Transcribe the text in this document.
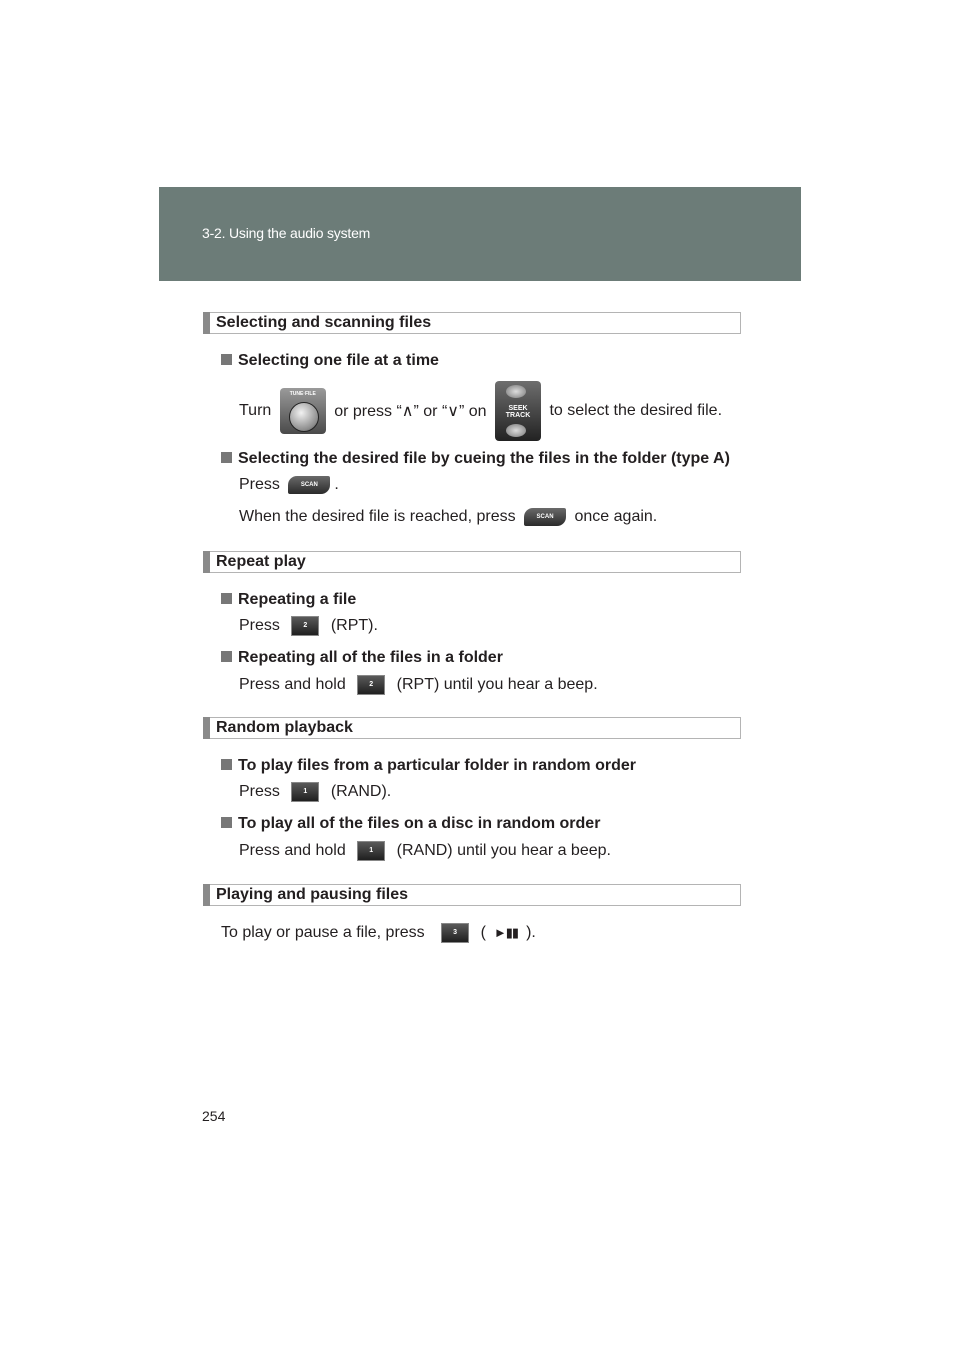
3-2. Using the audio system
Selecting and scanning files
Selecting one file at a time
Turn
TUNE·FILE
or press “∧” or “∨” on	SEEK
TRACK	to select the desired file.
Selecting the desired file by cueing the files in the folder (type A)
Press	SCAN .
When the desired file is reached, press	SCAN once again.
Repeat play
Repeating a file
Press	2 (RPT).
Repeating all of the files in a folder
Press and hold	2 (RPT) until you hear a beep.
Random playback
To play files from a particular folder in random order
Press	1 (RAND).
To play all of the files on a disc in random order
Press and hold	1 (RAND) until you hear a beep.
Playing and pausing files
To play or pause a file, press	3 ( ►▮▮ ).
254
